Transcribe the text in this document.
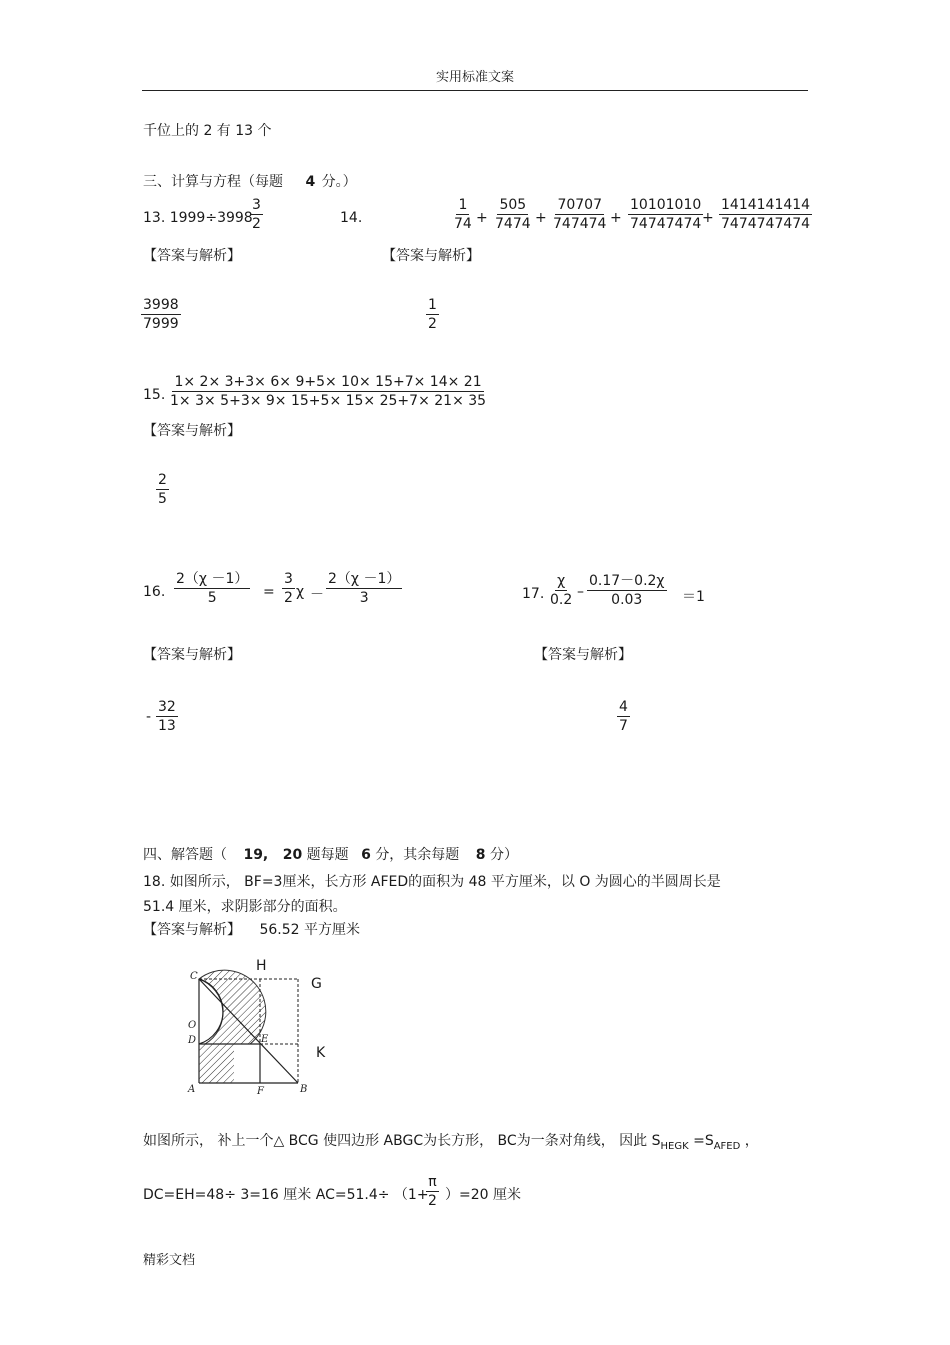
实用标准文案
千位上的 2 有 13 个
三、计算与方程（每题 4 分。）
13. 1999÷3998
$\frac{3}{2}$
【答案与解析】
$\frac{3998}{7999}$
14.	$\frac{1}{74} + \frac{505}{7474} + \frac{70707}{747474} + \frac{10101010}{74747474}$
+ $\frac{1414141414}{7474747474}$
【答案与解析】
$\frac{1}{2}$
15. $\frac{1\times 2\times 3+3\times 6\times 9+5\times 10\times 15+7\times 14\times 21}{1\times 3\times 5+3\times 9\times 15+5\times 15\times 25+7\times 21\times 35}$
【答案与解析】
$\frac{2}{5}$
16. $\frac{2(\chi -1)}{5} = \frac{3}{2}$ $\chi - \frac{2(\chi -1)}{3}$
【答案与解析】
- $\frac{32}{13}$
17. $\frac{\chi}{0.2} - \frac{0.17-0.2\chi}{0.03} =1$
【答案与解析】
$\frac{4}{7}$
四、解答题（ 19, 20 题每题 6 分，其余每题 8 分）
18. 如图所示， BF=3厘米，长方形 AFED的面积为 48 平方厘米，以 O 为圆心的半圆周长是
51.4 厘米，求阴影部分的面积。
【答案与解析】 56.52 平方厘米
C
O
D	E
A	F	B
H
G
K
如图所示， 补上一个△ BCG 使四边形 ABGC为长方形， BC为一条对角线， 因此 $S_{HEGK} =S_{AFED}$ ，
DC=EH=48÷ 3=16 厘米 AC=51.4÷ （1+
$\frac{\pi}{2} )=20$ 厘米
精彩文档
